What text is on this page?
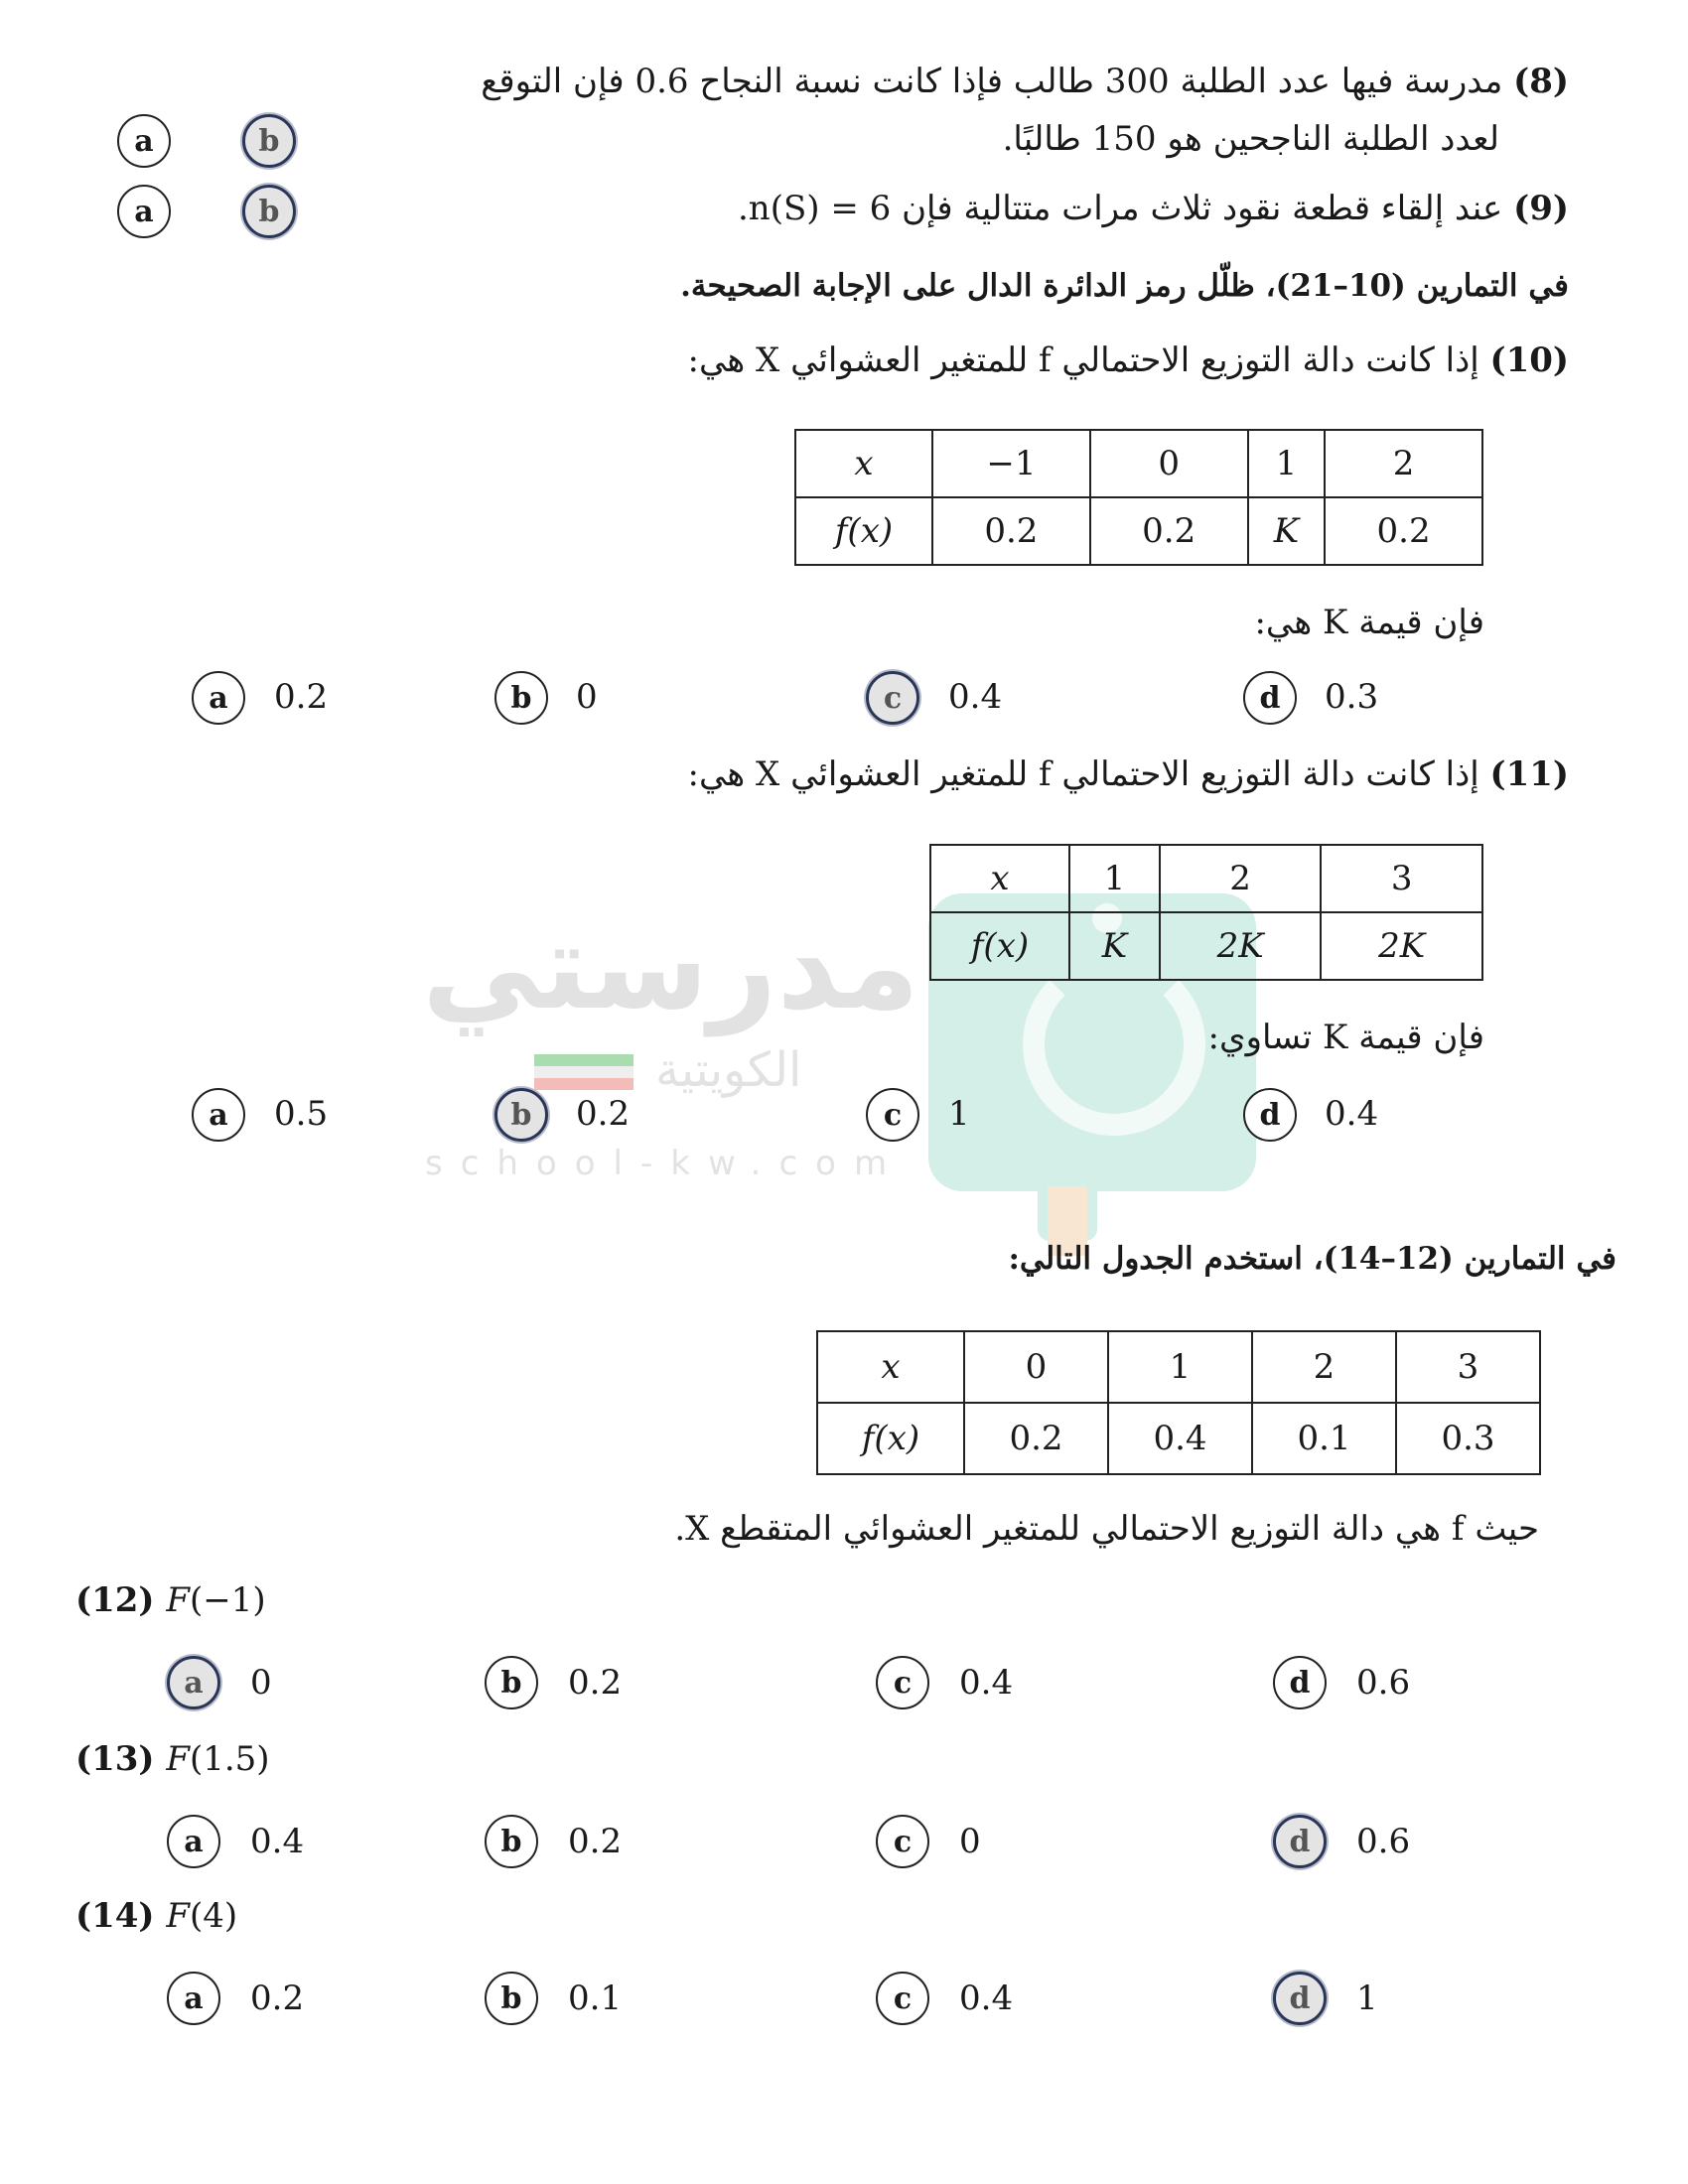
مدرستي
الكويتية
school-kw.com
(8) مدرسة فيها عدد الطلبة 300 طالب فإذا كانت نسبة النجاح 0.6 فإن التوقع
لعدد الطلبة الناجحين هو 150 طالبًا.
a	b
(9) عند إلقاء قطعة نقود ثلاث مرات متتالية فإن n(S) = 6.
a	b
في التمارين (10–21)، ظلّل رمز الدائرة الدال على الإجابة الصحيحة.
(10) إذا كانت دالة التوزيع الاحتمالي f للمتغير العشوائي X هي:
x	−1	0	1	2
f(x)	0.2	0.2	K	0.2
فإن قيمة K هي:
a	0.2	b	0	c	0.4	d	0.3
(11) إذا كانت دالة التوزيع الاحتمالي f للمتغير العشوائي X هي:
x	1	2	3
f(x)	K	2K	2K
فإن قيمة K تساوي:
a	0.5	b	0.2	c	1	d	0.4
في التمارين (12–14)، استخدم الجدول التالي:
x	0	1	2	3
f(x)	0.2	0.4	0.1	0.3
حيث f هي دالة التوزيع الاحتمالي للمتغير العشوائي المتقطع X.
(12) F(−1)
a	0	b	0.2	c	0.4	d	0.6
(13) F(1.5)
a	0.4	b	0.2	c	0	d	0.6
(14) F(4)
a	0.2	b	0.1	c	0.4	d	1
